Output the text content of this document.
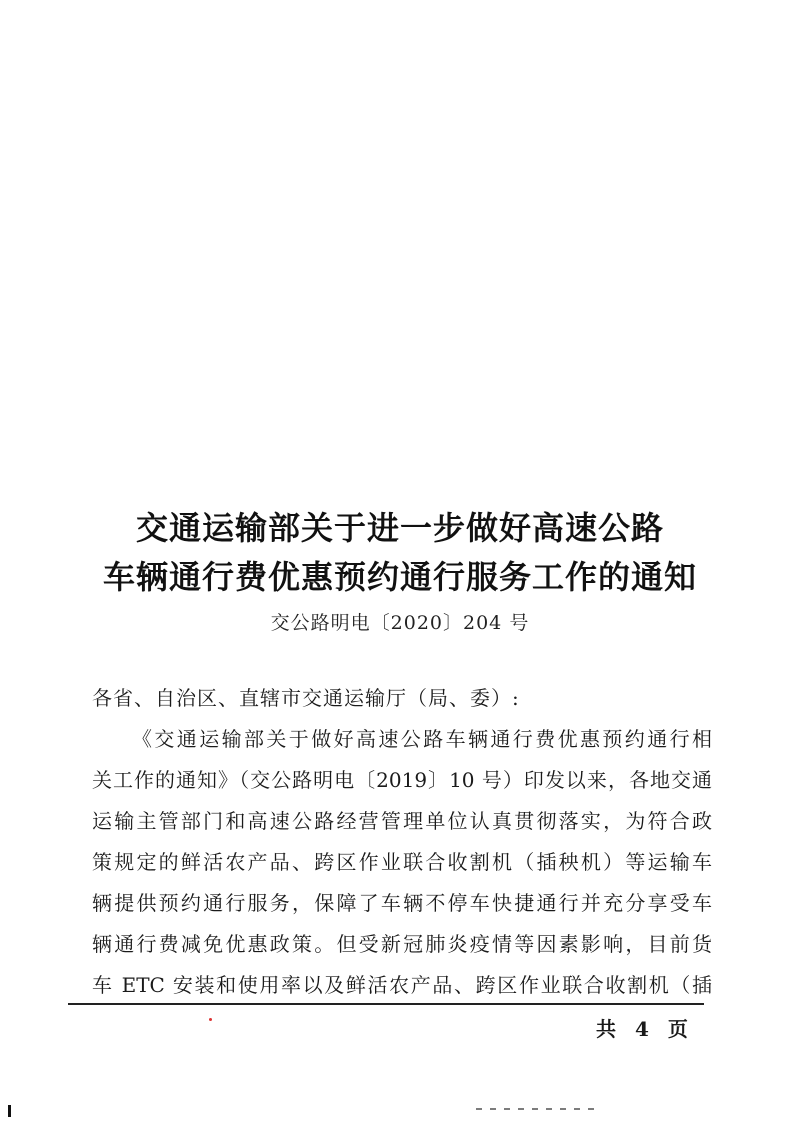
交通运输部关于进一步做好高速公路
车辆通行费优惠预约通行服务工作的通知
交公路明电〔2020〕204 号
各省、自治区、直辖市交通运输厅（局、委）:
《交通运输部关于做好高速公路车辆通行费优惠预约通行相
关工作的通知》（交公路明电〔2019〕10 号）印发以来，各地交通
运输主管部门和高速公路经营管理单位认真贯彻落实，为符合政
策规定的鲜活农产品、跨区作业联合收割机（插秧机）等运输车
辆提供预约通行服务，保障了车辆不停车快捷通行并充分享受车
辆通行费减免优惠政策。但受新冠肺炎疫情等因素影响，目前货
车 ETC 安装和使用率以及鲜活农产品、跨区作业联合收割机（插
共 4 页
